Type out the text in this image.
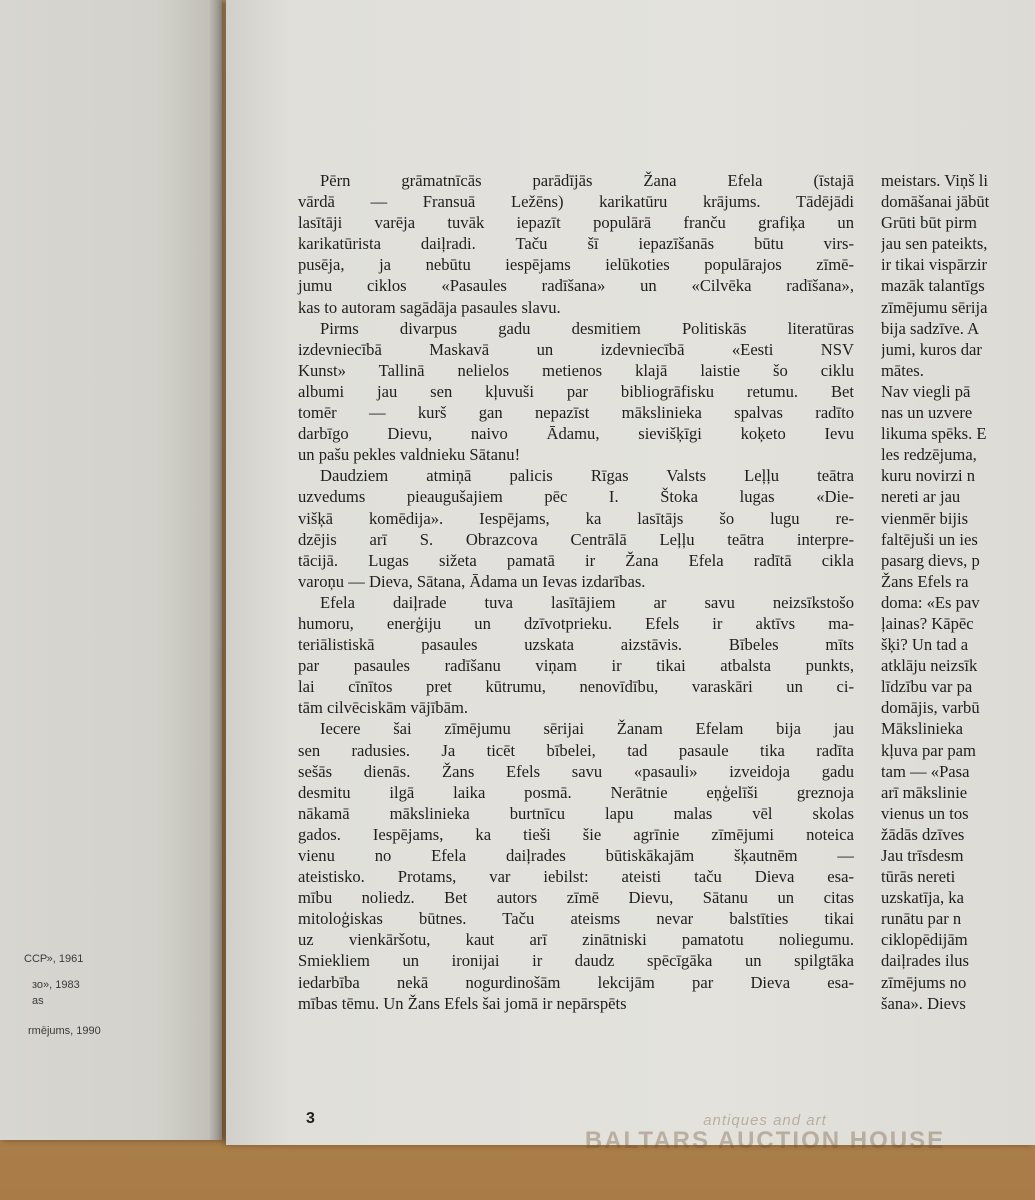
ССР», 1961
зо», 1983
as
rmējums, 1990

Pērn grāmatnīcās parādījās Žana Efela (īstajā
vārdā — Fransuā Ležēns) karikatūru krājums. Tādējādi
lasītāji varēja tuvāk iepazīt populārā franču grafiķa un
karikatūrista daiļradi. Taču šī iepazīšanās būtu virs-
pusēja, ja nebūtu iespējams ielūkoties populārajos zīmē-
jumu ciklos «Pasaules radīšana» un «Cilvēka radīšana»,
kas to autoram sagādāja pasaules slavu.

Pirms divarpus gadu desmitiem Politiskās literatūras
izdevniecībā Maskavā un izdevniecībā «Eesti NSV
Kunst» Tallinā nelielos metienos klajā laistie šo ciklu
albumi jau sen kļuvuši par bibliogrāfisku retumu. Bet
tomēr — kurš gan nepazīst mākslinieka spalvas radīto
darbīgo Dievu, naivo Ādamu, sievišķīgi koķeto Ievu
un pašu pekles valdnieku Sātanu!

Daudziem atmiņā palicis Rīgas Valsts Leļļu teātra
uzvedums pieaugušajiem pēc I. Štoka lugas «Die-
višķā komēdija». Iespējams, ka lasītājs šo lugu re-
dzējis arī S. Obrazcova Centrālā Leļļu teātra interpre-
tācijā. Lugas sižeta pamatā ir Žana Efela radītā cikla
varoņu — Dieva, Sātana, Ādama un Ievas izdarības.

Efela daiļrade tuva lasītājiem ar savu neizsīkstošo
humoru, enerģiju un dzīvotprieku. Efels ir aktīvs ma-
teriālistiskā pasaules uzskata aizstāvis. Bībeles mīts
par pasaules radīšanu viņam ir tikai atbalsta punkts,
lai cīnītos pret kūtrumu, nenovīdību, varaskāri un ci-
tām cilvēciskām vājībām.

Iecere šai zīmējumu sērijai Žanam Efelam bija jau
sen radusies. Ja ticēt bībelei, tad pasaule tika radīta
sešās dienās. Žans Efels savu «pasauli» izveidoja gadu
desmitu ilgā laika posmā. Nerātnie eņģelīši greznoja
nākamā mākslinieka burtnīcu lapu malas vēl skolas
gados. Iespējams, ka tieši šie agrīnie zīmējumi noteica
vienu no Efela daiļrades būtiskākajām šķautnēm —
ateistisko. Protams, var iebilst: ateisti taču Dieva esa-
mību noliedz. Bet autors zīmē Dievu, Sātanu un citas
mitoloģiskas būtnes. Taču ateisms nevar balstīties tikai
uz vienkāršotu, kaut arī zinātniski pamatotu noliegumu.
Smiekliem un ironijai ir daudz spēcīgāka un spilgtāka
iedarbība nekā nogurdinošām lekcijām par Dieva esa-
mības tēmu. Un Žans Efels šai jomā ir nepārspēts

meistars. Viņš li
domāšanai jābūt
Grūti būt pirm
jau sen pateikts,
ir tikai vispārzir
mazāk talantīgs
zīmējumu sērija
bija sadzīve. A
jumi, kuros dar
mātes.
Nav viegli pā
nas un uzvere
likuma spēks. E
les redzējuma,
kuru novirzi n
nereti ar jau
vienmēr bijis
faltējuši un ies
pasarg dievs, p
Žans Efels ra
doma: «Es pav
ļainas? Kāpēc
šķi? Un tad a
atklāju neizsīk
līdzību var pa
domājis, varbū
Mākslinieka
kļuva par pam
tam — «Pasa
arī mākslinie
vienus un tos
žādās dzīves
Jau trīsdesm
tūrās nereti
uzskatīja, ka
runātu par n
ciklopēdijām
daiļrades ilus
zīmējums no
šana». Dievs
3	antiques and art
BALTARS AUCTION HOUSE
